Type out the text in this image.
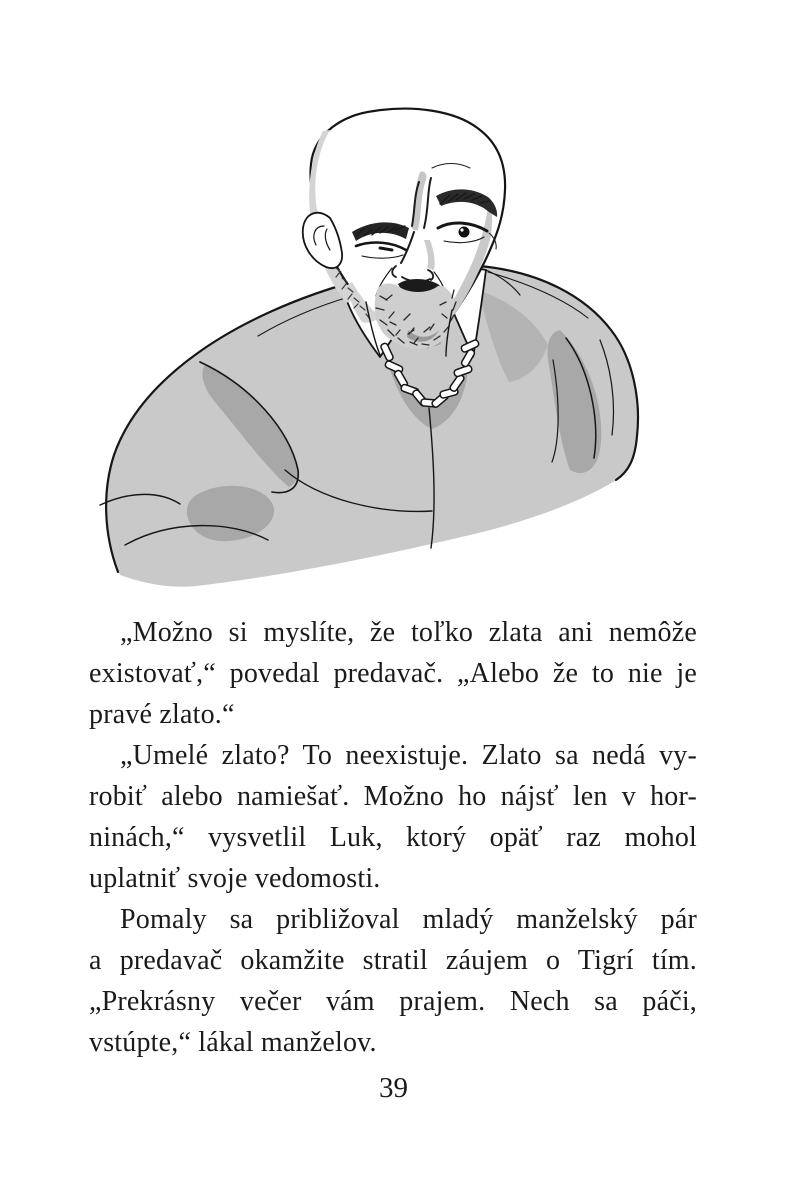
„Možno si myslíte, že toľko zlata ani nemôže
existovať,“ povedal predavač. „Alebo že to nie je
pravé zlato.“
„Umelé zlato? To neexistuje. Zlato sa nedá vy-
robiť alebo namiešať. Možno ho nájsť len v hor-
ninách,“ vysvetlil Luk, ktorý opäť raz mohol
uplatniť svoje vedomosti.
Pomaly sa približoval mladý manželský pár
a predavač okamžite stratil záujem o Tigrí tím.
„Prekrásny večer vám prajem. Nech sa páči,
vstúpte,“ lákal manželov.
39
